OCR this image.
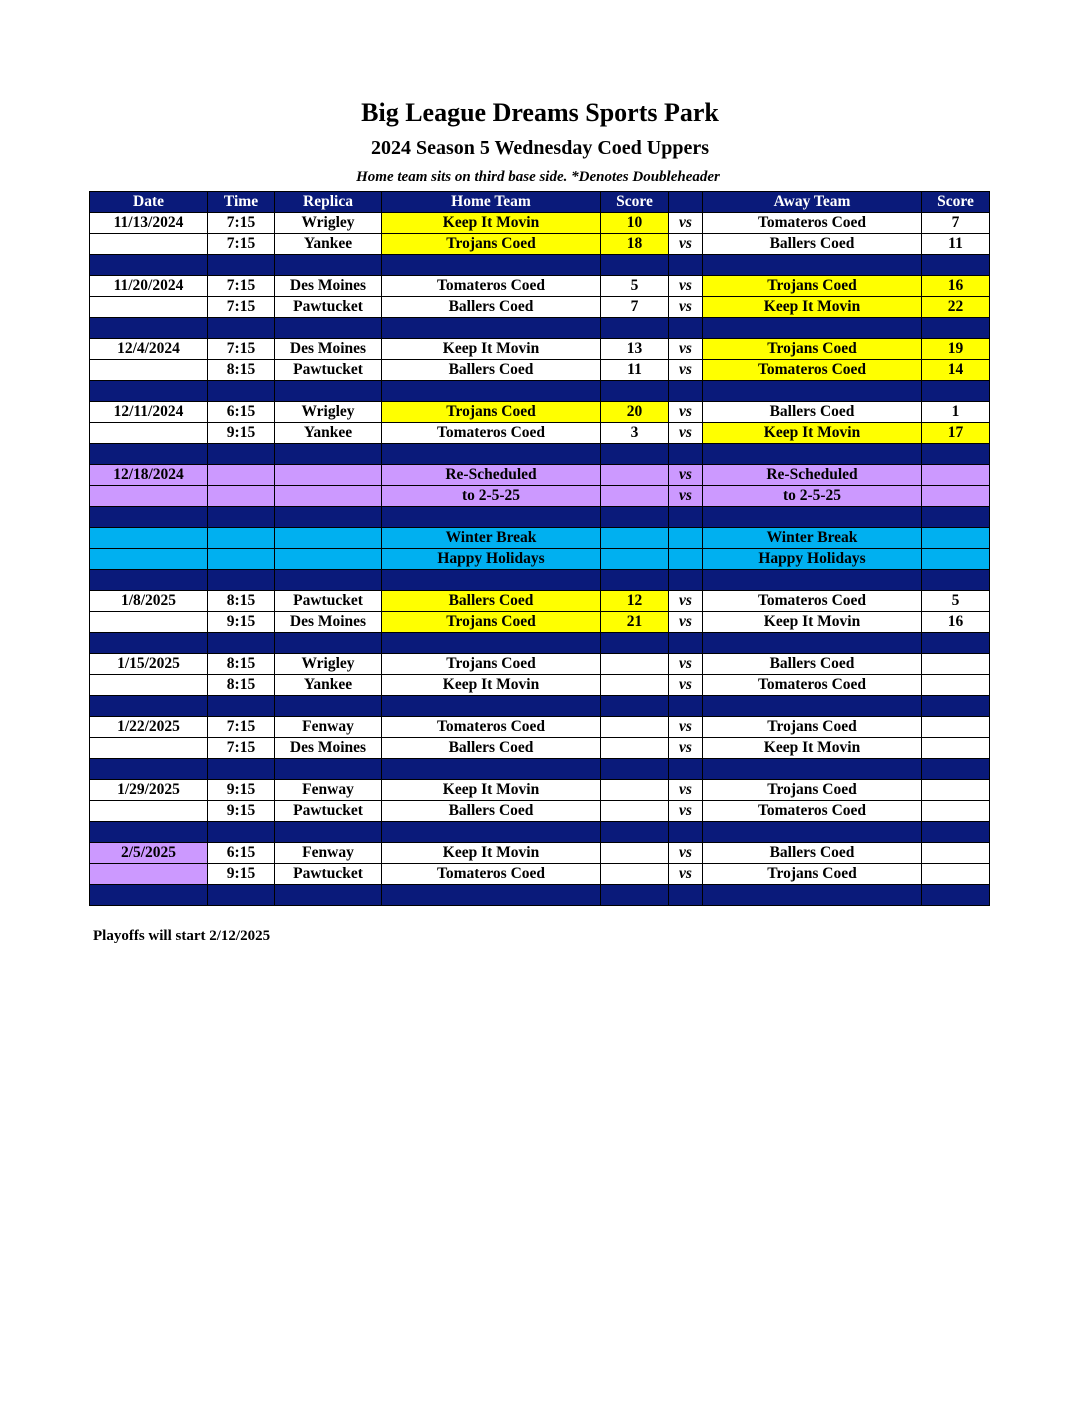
Big League Dreams Sports Park
2024 Season 5 Wednesday Coed Uppers
Home team sits on third base side. *Denotes Doubleheader
Date	Time	Replica	Home Team	Score		Away Team	Score
11/13/2024	7:15	Wrigley	Keep It Movin	10	vs	Tomateros Coed	7
	7:15	Yankee	Trojans Coed	18	vs	Ballers Coed	11

11/20/2024	7:15	Des Moines	Tomateros Coed	5	vs	Trojans Coed	16
	7:15	Pawtucket	Ballers Coed	7	vs	Keep It Movin	22

12/4/2024	7:15	Des Moines	Keep It Movin	13	vs	Trojans Coed	19
	8:15	Pawtucket	Ballers Coed	11	vs	Tomateros Coed	14

12/11/2024	6:15	Wrigley	Trojans Coed	20	vs	Ballers Coed	1
	9:15	Yankee	Tomateros Coed	3	vs	Keep It Movin	17

12/18/2024			Re-Scheduled		vs	Re-Scheduled	
			to 2-5-25		vs	to 2-5-25	

			Winter Break			Winter Break	
			Happy Holidays			Happy Holidays	

1/8/2025	8:15	Pawtucket	Ballers Coed	12	vs	Tomateros Coed	5
	9:15	Des Moines	Trojans Coed	21	vs	Keep It Movin	16

1/15/2025	8:15	Wrigley	Trojans Coed		vs	Ballers Coed	
	8:15	Yankee	Keep It Movin		vs	Tomateros Coed	

1/22/2025	7:15	Fenway	Tomateros Coed		vs	Trojans Coed	
	7:15	Des Moines	Ballers Coed		vs	Keep It Movin	

1/29/2025	9:15	Fenway	Keep It Movin		vs	Trojans Coed	
	9:15	Pawtucket	Ballers Coed		vs	Tomateros Coed	

2/5/2025	6:15	Fenway	Keep It Movin		vs	Ballers Coed	
	9:15	Pawtucket	Tomateros Coed		vs	Trojans Coed	

Playoffs will start 2/12/2025
